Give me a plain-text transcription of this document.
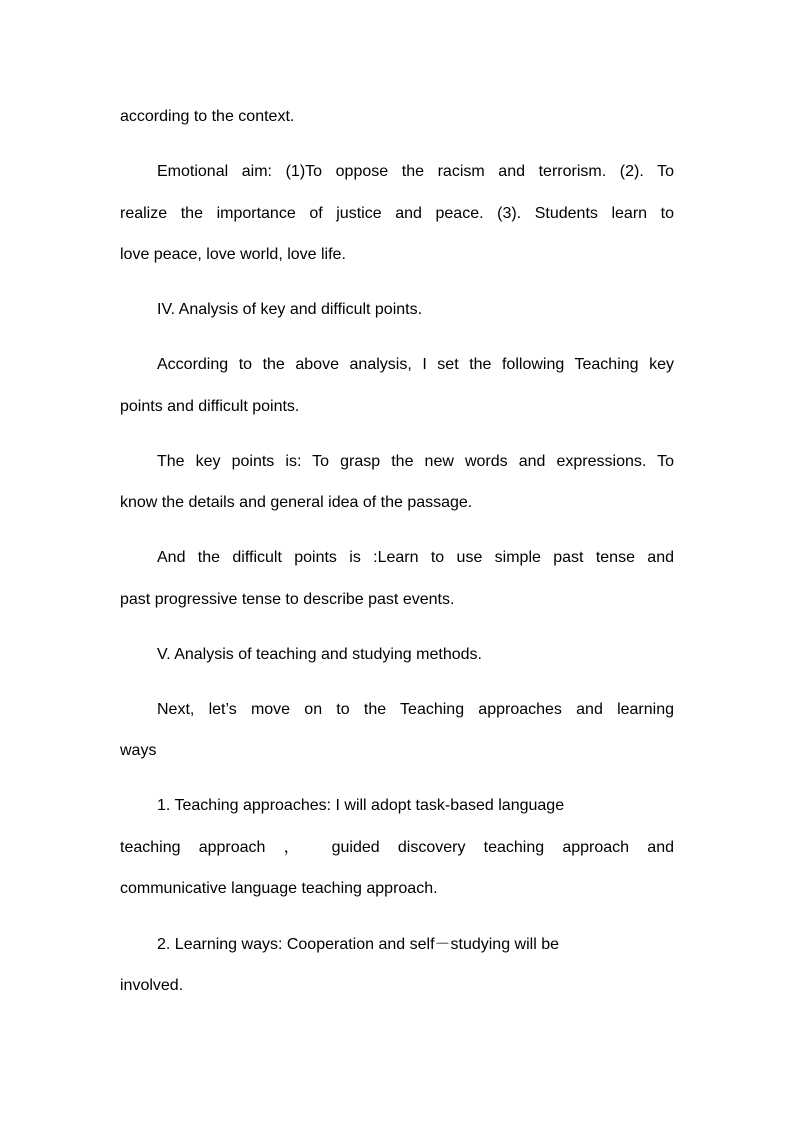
according to the context.

Emotional aim: (1)To oppose the racism and terrorism. (2). To

realize the importance of justice and peace. (3). Students learn to

love peace, love world, love life.

IV. Analysis of key and difficult points.

According to the above analysis, I set the following Teaching key

points and difficult points.

The key points is: To grasp the new words and expressions. To

know the details and general idea of the passage.

And the difficult points is :Learn to use simple past tense and

past progressive tense to describe past events.

V. Analysis of teaching and studying methods.

Next, let’s move on to the Teaching approaches and learning

ways

1. Teaching approaches: I will adopt task-based language

teaching approach ， guided discovery teaching approach and

communicative language teaching approach.

2. Learning ways: Cooperation and self－studying will be

involved.
